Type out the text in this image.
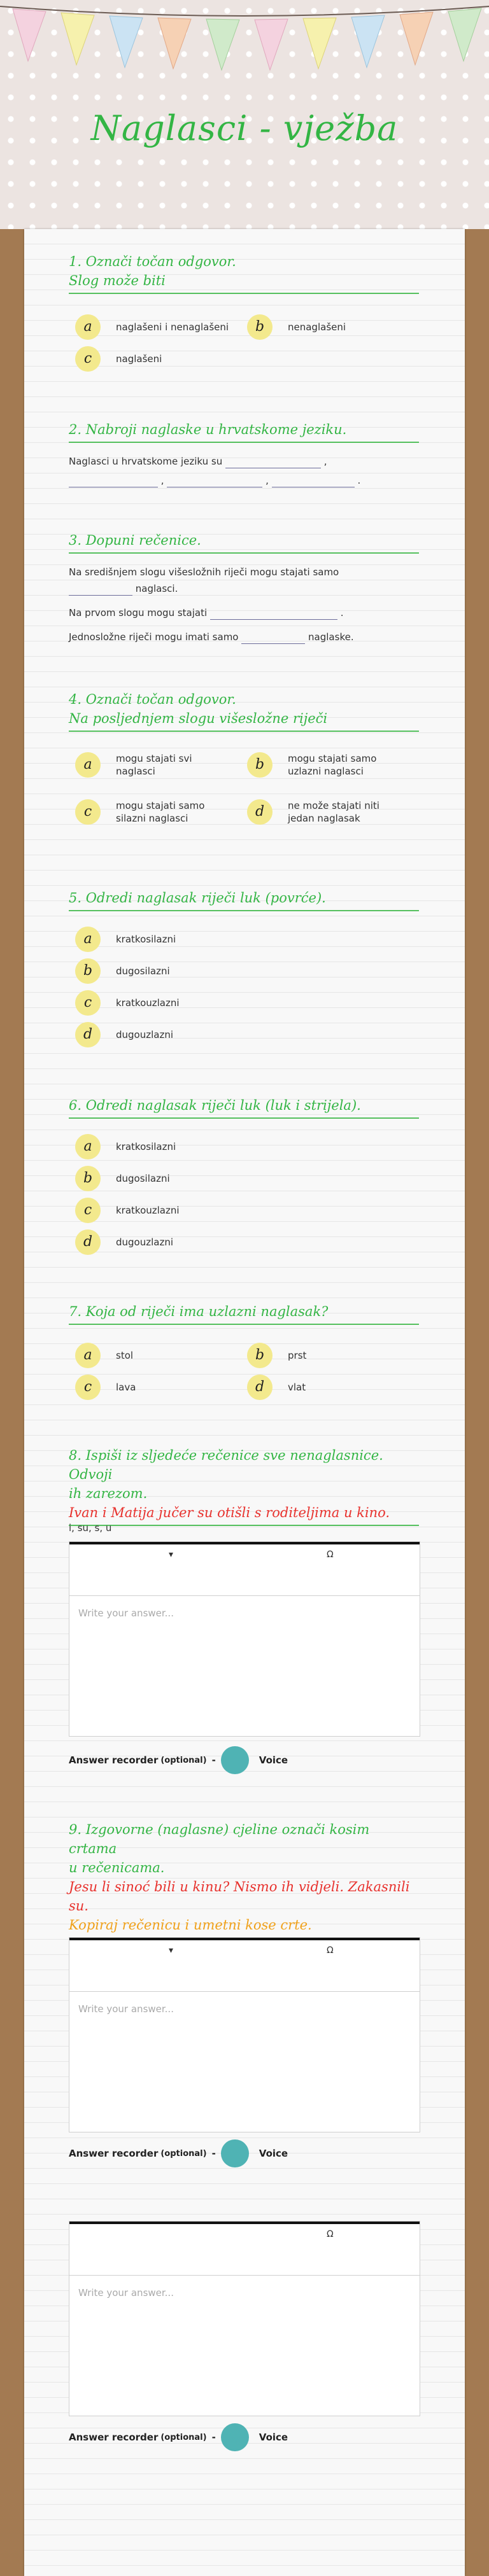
Naglasci - vježba
1. Označi točan odgovor.
Slog može biti
a	naglašeni i nenaglašeni	b	nenaglašeni
c	naglašeni
2. Nabroji naglaske u hrvatskome jeziku.
Naglasci u hrvatskome jeziku su	,
,	,	.
3. Dopuni rečenice.
Na središnjem slogu višesložnih riječi mogu stajati samo
naglasci.
Na prvom slogu mogu stajati	.
Jednosložne riječi mogu imati samo	naglaske.
4. Označi točan odgovor.
Na posljednjem slogu višesložne riječi
a	mogu stajati svi
naglasci	b	mogu stajati samo
uzlazni naglasci
c	mogu stajati samo
silazni naglasci	d	ne može stajati niti
jedan naglasak
5. Odredi naglasak riječi luk (povrće).
a	kratkosilazni
b	dugosilazni
c	kratkouzlazni
d	dugouzlazni
6. Odredi naglasak riječi luk (luk i strijela).
a	kratkosilazni
b	dugosilazni
c	kratkouzlazni
d	dugouzlazni
7. Koja od riječi ima uzlazni naglasak?
a	stol	b	prst
c	lava	d	vlat
8. Ispiši iz sljedeće rečenice sve nenaglasnice. Odvoji
ih zarezom.
Ivan i Matija jučer su otišli s roditeljima u kino.
i, su, s, u
▾	Ω
Write your answer...
Answer recorder (optional) -	Voice
9. Izgovorne (naglasne) cjeline označi kosim crtama
u rečenicama.
Jesu li sinoć bili u kinu? Nismo ih vidjeli. Zakasnili
su.
Kopiraj rečenicu i umetni kose crte.
▾	Ω
Write your answer...
Answer recorder (optional) -	Voice
Ω
Write your answer...
Answer recorder (optional) -	Voice
